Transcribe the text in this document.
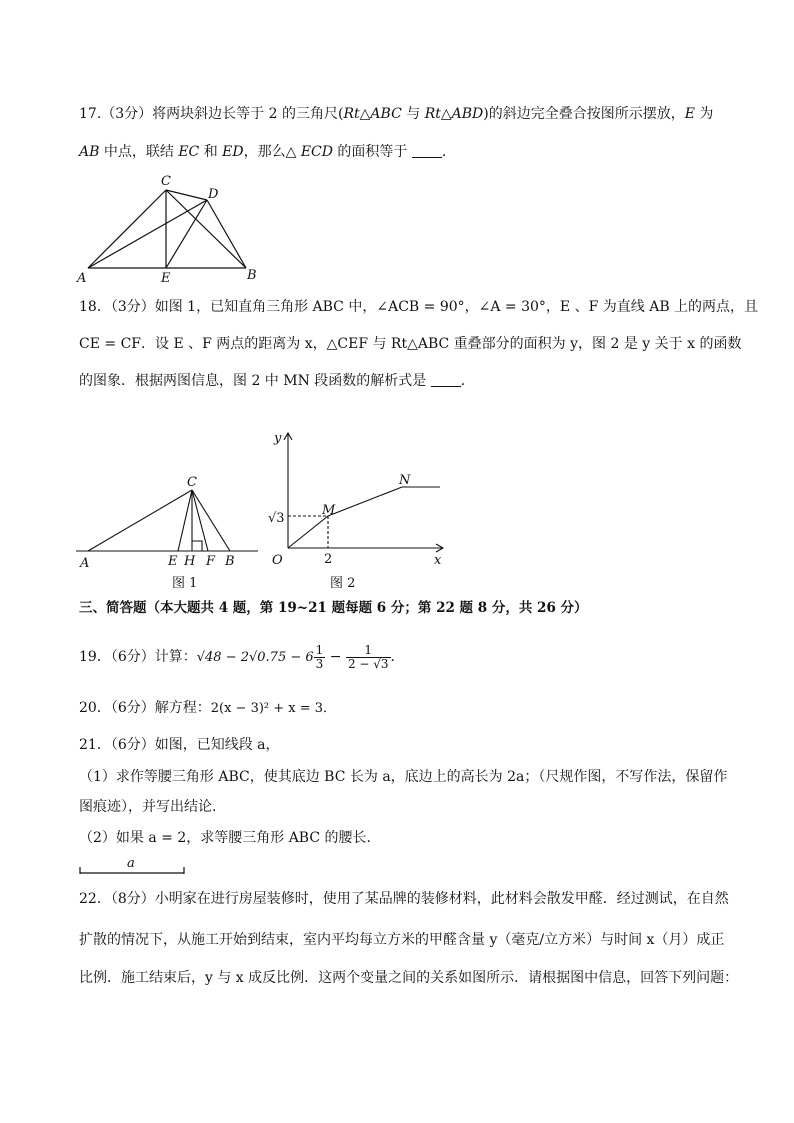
17.（3分）将两块斜边长等于 2 的三角尺(Rt△ABC 与 Rt△ABD)的斜边完全叠合按图所示摆放，E 为
AB 中点，联结 EC 和 ED，那么△ ECD 的面积等于 ．
C
D
A	E	B
18．（3分）如图 1，已知直角三角形 ABC 中，∠ACB = 90°，∠A = 30°，E 、F 为直线 AB 上的两点，且
CE = CF．设 E 、F 两点的距离为 x，△CEF 与 Rt△ABC 重叠部分的面积为 y，图 2 是 y 关于 x 的函数
的图象．根据两图信息，图 2 中 MN 段函数的解析式是 ．
C
A	E H F B
图 1
y
x
O
M
N
√3
2
图 2
三、简答题（本大题共 4 题，第 19~21 题每题 6 分；第 22 题 8 分，共 26 分）
19．（6分）计算：$√48 - 2√0.75 - 6 \frac{1}{3} - \frac{1}{2 - √3}$ ．
20．（6分）解方程：2(x − 3)² + x = 3．
21．（6分）如图，已知线段 a，
（1）求作等腰三角形 ABC，使其底边 BC 长为 a，底边上的高长为 2a；（尺规作图，不写作法，保留作
图痕迹），并写出结论．
（2）如果 a = 2，求等腰三角形 ABC 的腰长．
a
22．（8分）小明家在进行房屋装修时，使用了某品牌的装修材料，此材料会散发甲醛．经过测试，在自然
扩散的情况下，从施工开始到结束，室内平均每立方米的甲醛含量 y（毫克/立方米）与时间 x（月）成正
比例．施工结束后，y 与 x 成反比例．这两个变量之间的关系如图所示．请根据图中信息，回答下列问题：
